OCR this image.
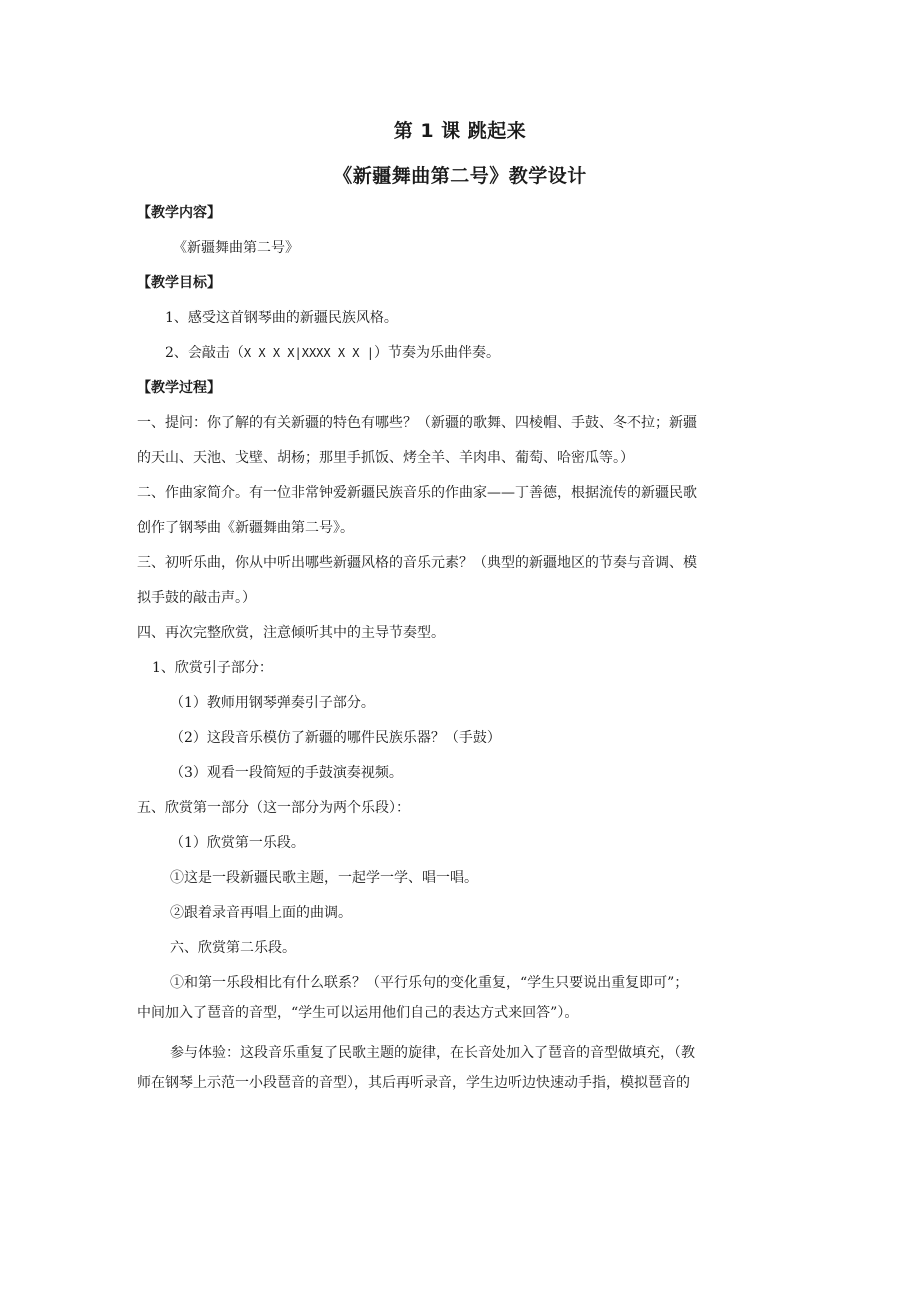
第 1 课 跳起来
《新疆舞曲第二号》教学设计
【教学内容】
《新疆舞曲第二号》
【教学目标】
1、感受这首钢琴曲的新疆民族风格。
2、会敲击（X X X X|XXXX X X |）节奏为乐曲伴奏。
【教学过程】
一、提问：你了解的有关新疆的特色有哪些？（新疆的歌舞、四棱帽、手鼓、冬不拉；新疆
的天山、天池、戈壁、胡杨；那里手抓饭、烤全羊、羊肉串、葡萄、哈密瓜等。）
二、作曲家简介。有一位非常钟爱新疆民族音乐的作曲家——丁善德，根据流传的新疆民歌
创作了钢琴曲《新疆舞曲第二号》。
三、初听乐曲，你从中听出哪些新疆风格的音乐元素？（典型的新疆地区的节奏与音调、模
拟手鼓的敲击声。）
四、再次完整欣赏，注意倾听其中的主导节奏型。
1、欣赏引子部分：
（1）教师用钢琴弹奏引子部分。
（2）这段音乐模仿了新疆的哪件民族乐器？（手鼓）
（3）观看一段简短的手鼓演奏视频。
五、欣赏第一部分（这一部分为两个乐段）：
（1）欣赏第一乐段。
①这是一段新疆民歌主题，一起学一学、唱一唱。
②跟着录音再唱上面的曲调。
六、欣赏第二乐段。
①和第一乐段相比有什么联系？（平行乐句的变化重复，“学生只要说出重复即可”；
中间加入了琶音的音型，“学生可以运用他们自己的表达方式来回答”）。
参与体验：这段音乐重复了民歌主题的旋律，在长音处加入了琶音的音型做填充，（教
师在钢琴上示范一小段琶音的音型），其后再听录音，学生边听边快速动手指，模拟琶音的
